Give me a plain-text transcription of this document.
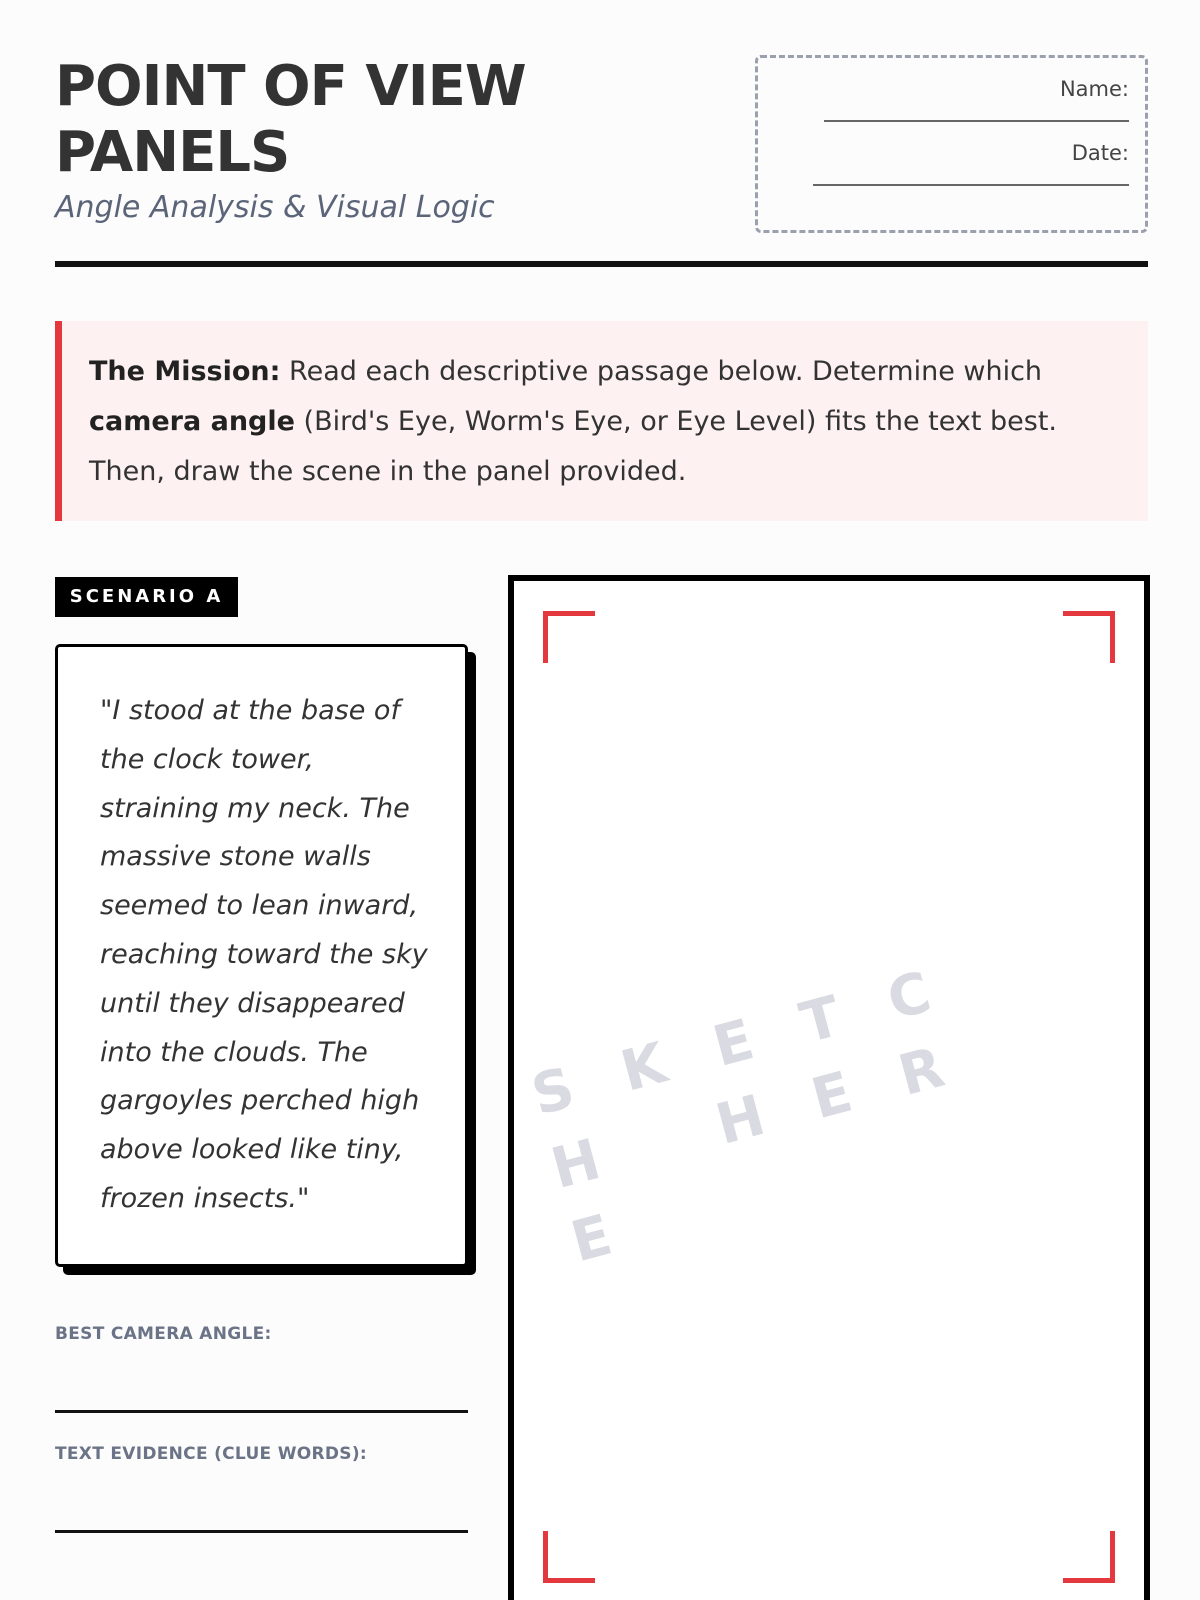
POINT OF VIEW PANELS
Angle Analysis & Visual Logic
Name:
Date:
The Mission: Read each descriptive passage below. Determine which camera angle (Bird's Eye, Worm's Eye, or Eye Level) fits the text best. Then, draw the scene in the panel provided.
SCENARIO A
"I stood at the base of the clock tower, straining my neck. The massive stone walls seemed to lean inward, reaching toward the sky until they disappeared into the clouds. The gargoyles perched high above looked like tiny, frozen insects."
BEST CAMERA ANGLE:
TEXT EVIDENCE (CLUE WORDS):
SKETCH HERE
